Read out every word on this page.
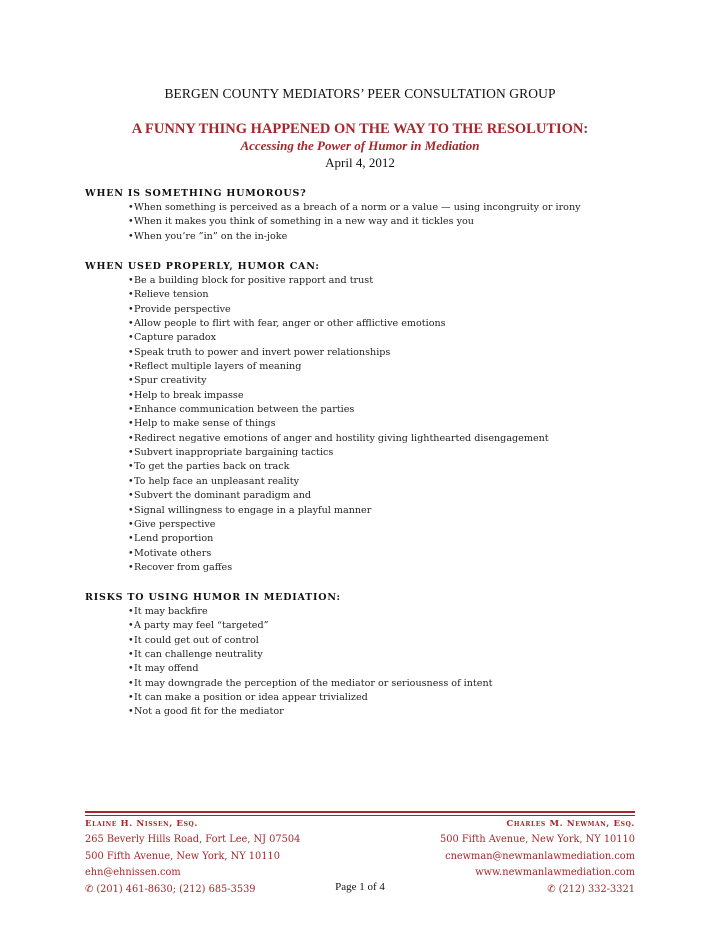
BERGEN COUNTY MEDIATORS’ PEER CONSULTATION GROUP
A FUNNY THING HAPPENED ON THE WAY TO THE RESOLUTION:
Accessing the Power of Humor in Mediation
April 4, 2012
WHEN IS SOMETHING HUMOROUS?
•When something is perceived as a breach of a norm or a value — using incongruity or irony
•When it makes you think of something in a new way and it tickles you
•When you’re ”in” on the in-joke
WHEN USED PROPERLY, HUMOR CAN:
•Be a building block for positive rapport and trust
•Relieve tension
•Provide perspective
•Allow people to flirt with fear, anger or other afflictive emotions
•Capture paradox
•Speak truth to power and invert power relationships
•Reflect multiple layers of meaning
•Spur creativity
•Help to break impasse
•Enhance communication between the parties
•Help to make sense of things
•Redirect negative emotions of anger and hostility giving lighthearted disengagement
•Subvert inappropriate bargaining tactics
•To get the parties back on track
•To help face an unpleasant reality
•Subvert the dominant paradigm and
•Signal willingness to engage in a playful manner
•Give perspective
•Lend proportion
•Motivate others
•Recover from gaffes
RISKS TO USING HUMOR IN MEDIATION:
•It may backfire
•A party may feel “targeted”
•It could get out of control
•It can challenge neutrality
•It may offend
•It may downgrade the perception of the mediator or seriousness of intent
•It can make a position or idea appear trivialized
•Not a good fit for the mediator
Elaine H. Nissen, Esq.
265 Beverly Hills Road, Fort Lee, NJ 07504
500 Fifth Avenue, New York, NY 10110
ehn@ehnissen.com
✆ (201) 461-8630; (212) 685-3539
Charles M. Newman, Esq.
500 Fifth Avenue, New York, NY 10110
cnewman@newmanlawmediation.com
www.newmanlawmediation.com
✆ (212) 332-3321
Page 1 of 4
